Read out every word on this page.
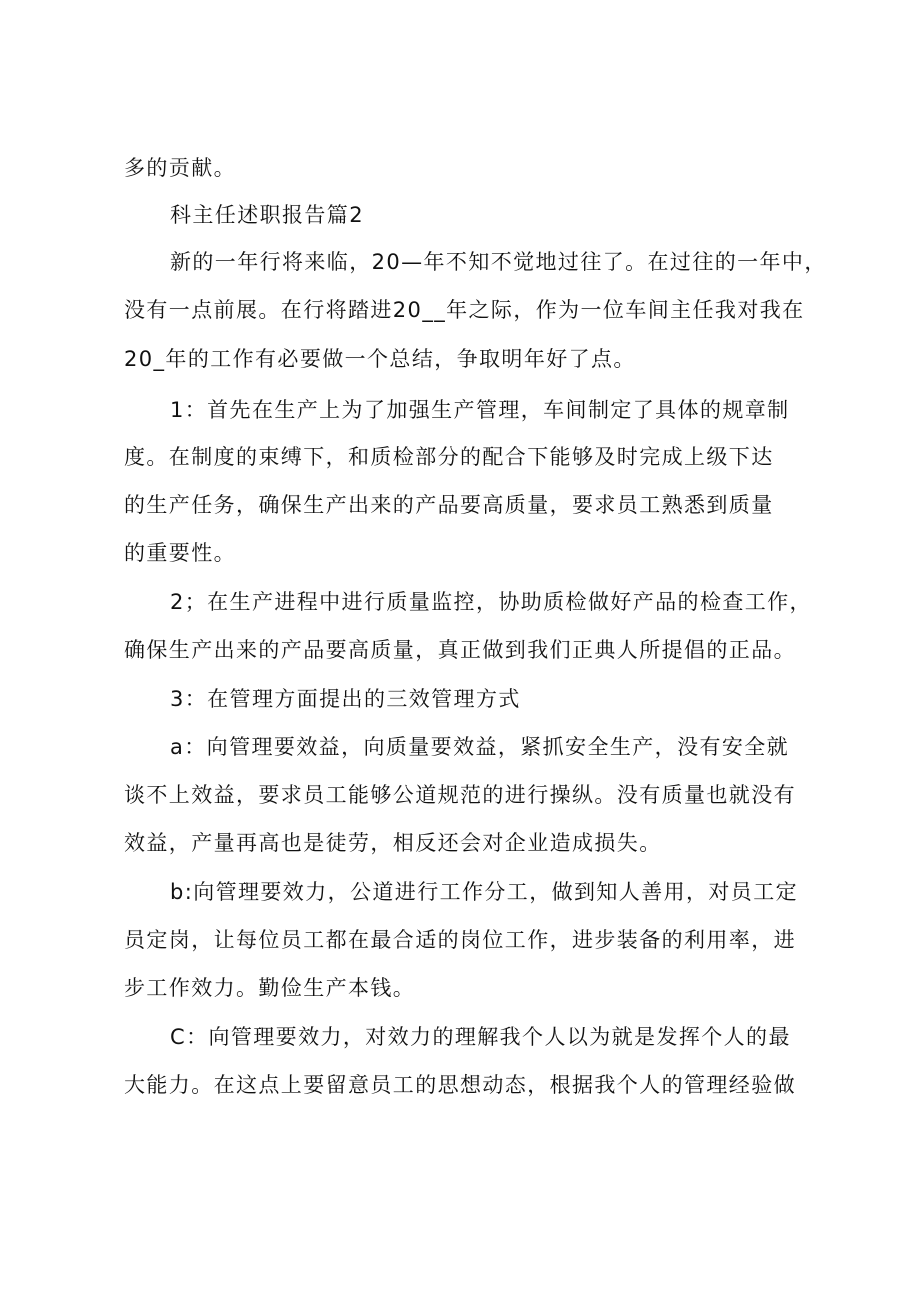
多的贡献。
科主任述职报告篇2
新的一年行将来临，20—年不知不觉地过往了。在过往的一年中，
没有一点前展。在行将踏进20__年之际，作为一位车间主任我对我在
20_年的工作有必要做一个总结，争取明年好了点。
1：首先在生产上为了加强生产管理，车间制定了具体的规章制
度。在制度的束缚下，和质检部分的配合下能够及时完成上级下达
的生产任务，确保生产出来的产品要高质量，要求员工熟悉到质量
的重要性。
2；在生产进程中进行质量监控，协助质检做好产品的检查工作，
确保生产出来的产品要高质量，真正做到我们正典人所提倡的正品。
3：在管理方面提出的三效管理方式
a：向管理要效益，向质量要效益，紧抓安全生产，没有安全就
谈不上效益，要求员工能够公道规范的进行操纵。没有质量也就没有
效益，产量再高也是徒劳，相反还会对企业造成损失。
b:向管理要效力，公道进行工作分工，做到知人善用，对员工定
员定岗，让每位员工都在最合适的岗位工作，进步装备的利用率，进
步工作效力。勤俭生产本钱。
C：向管理要效力，对效力的理解我个人以为就是发挥个人的最
大能力。在这点上要留意员工的思想动态，根据我个人的管理经验做
